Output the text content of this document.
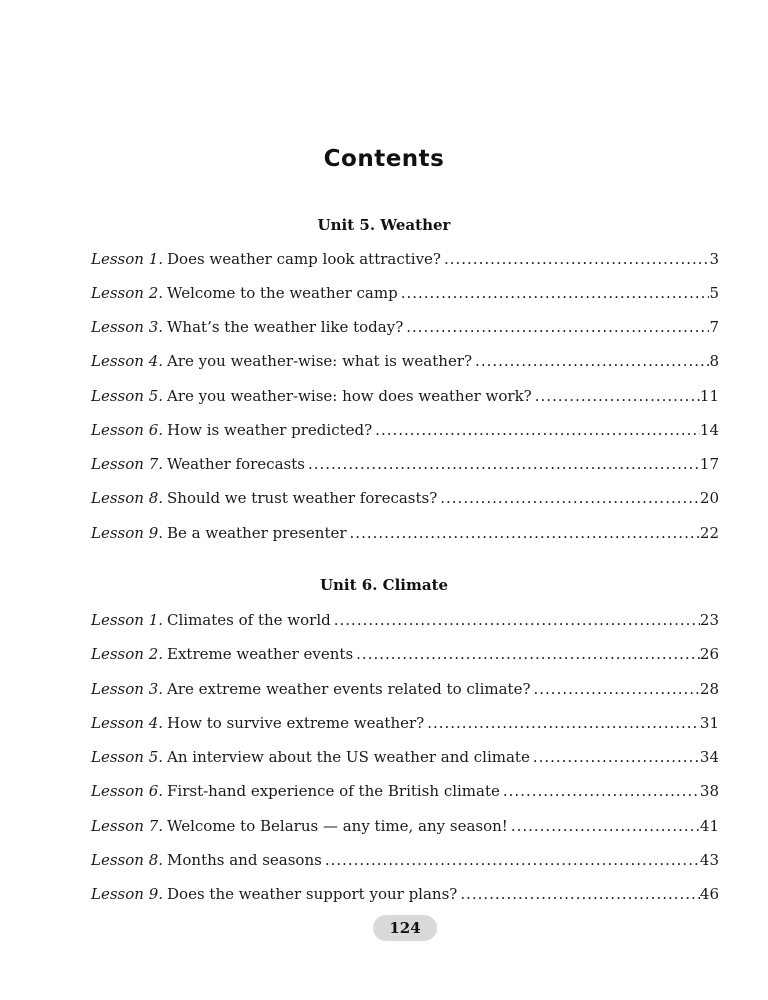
Contents
Unit 5. Weather
Lesson 1. Does weather camp look attractive? .....	3
Lesson 2. Welcome to the weather camp .....	5
Lesson 3. What’s the weather like today? .....	7
Lesson 4. Are you weather-wise: what is weather? .....	8
Lesson 5. Are you weather-wise: how does weather work? .....	11
Lesson 6. How is weather predicted? .....	14
Lesson 7. Weather forecasts .....	17
Lesson 8. Should we trust weather forecasts? .....	20
Lesson 9. Be a weather presenter .....	22
Unit 6. Climate
Lesson 1. Climates of the world .....	23
Lesson 2. Extreme weather events .....	26
Lesson 3. Are extreme weather events related to climate? .....	28
Lesson 4. How to survive extreme weather? .....	31
Lesson 5. An interview about the US weather and climate .....	34
Lesson 6. First-hand experience of the British climate .....	38
Lesson 7. Welcome to Belarus — any time, any season! .....	41
Lesson 8. Months and seasons .....	43
Lesson 9. Does the weather support your plans? .....	46
124
